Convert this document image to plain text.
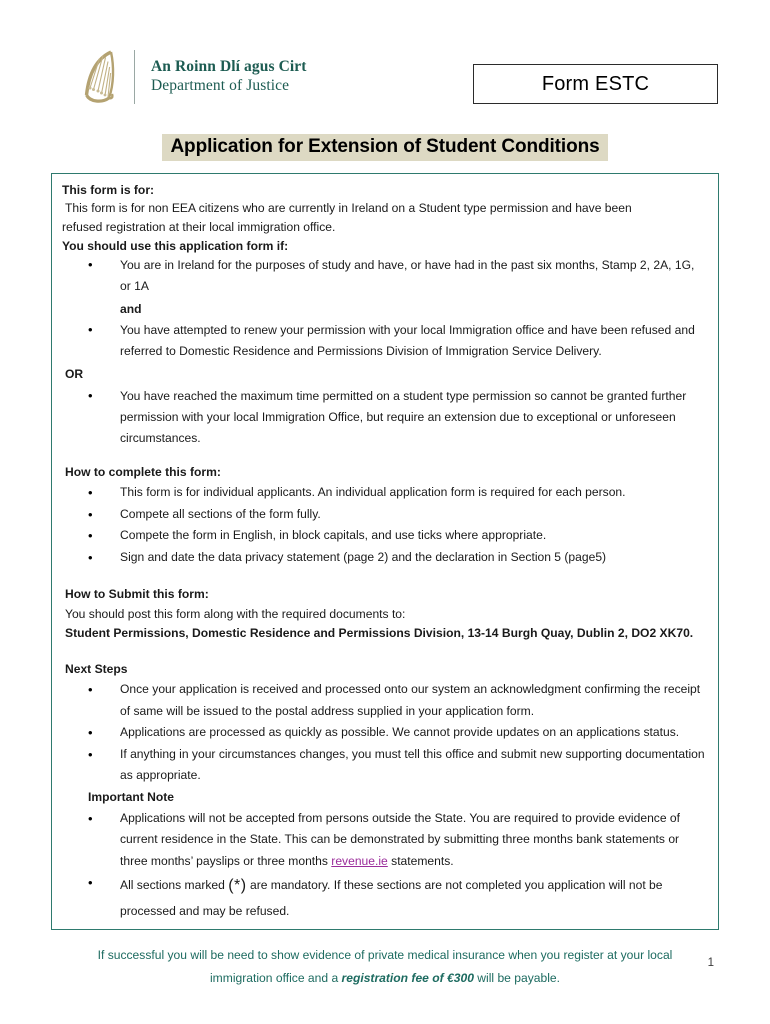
An Roinn Dlí agus Cirt
Department of Justice	Form ESTC
Application for Extension of Student Conditions
This form is for:
This form is for non EEA citizens who are currently in Ireland on a Student type permission and have been
refused registration at their local immigration office.
You should use this application form if:
• You are in Ireland for the purposes of study and have, or have had in the past six months, Stamp 2, 2A, 1G, or 1A
and
• You have attempted to renew your permission with your local Immigration office and have been refused and referred to Domestic Residence and Permissions Division of Immigration Service Delivery.
OR
• You have reached the maximum time permitted on a student type permission so cannot be granted further permission with your local Immigration Office, but require an extension due to exceptional or unforeseen circumstances.
How to complete this form:
• This form is for individual applicants. An individual application form is required for each person.
• Compete all sections of the form fully.
• Compete the form in English, in block capitals, and use ticks where appropriate.
• Sign and date the data privacy statement (page 2) and the declaration in Section 5 (page5)
How to Submit this form:
You should post this form along with the required documents to:
Student Permissions, Domestic Residence and Permissions Division, 13-14 Burgh Quay, Dublin 2, DO2 XK70.
Next Steps
• Once your application is received and processed onto our system an acknowledgment confirming the receipt of same will be issued to the postal address supplied in your application form.
• Applications are processed as quickly as possible. We cannot provide updates on an applications status.
• If anything in your circumstances changes, you must tell this office and submit new supporting documentation as appropriate.
Important Note
• Applications will not be accepted from persons outside the State. You are required to provide evidence of current residence in the State. This can be demonstrated by submitting three months bank statements or three months’ payslips or three months revenue.ie statements.
• All sections marked (*) are mandatory. If these sections are not completed you application will not be processed and may be refused.
If successful you will be need to show evidence of private medical insurance when you register at your local immigration office and a registration fee of €300 will be payable.
1
